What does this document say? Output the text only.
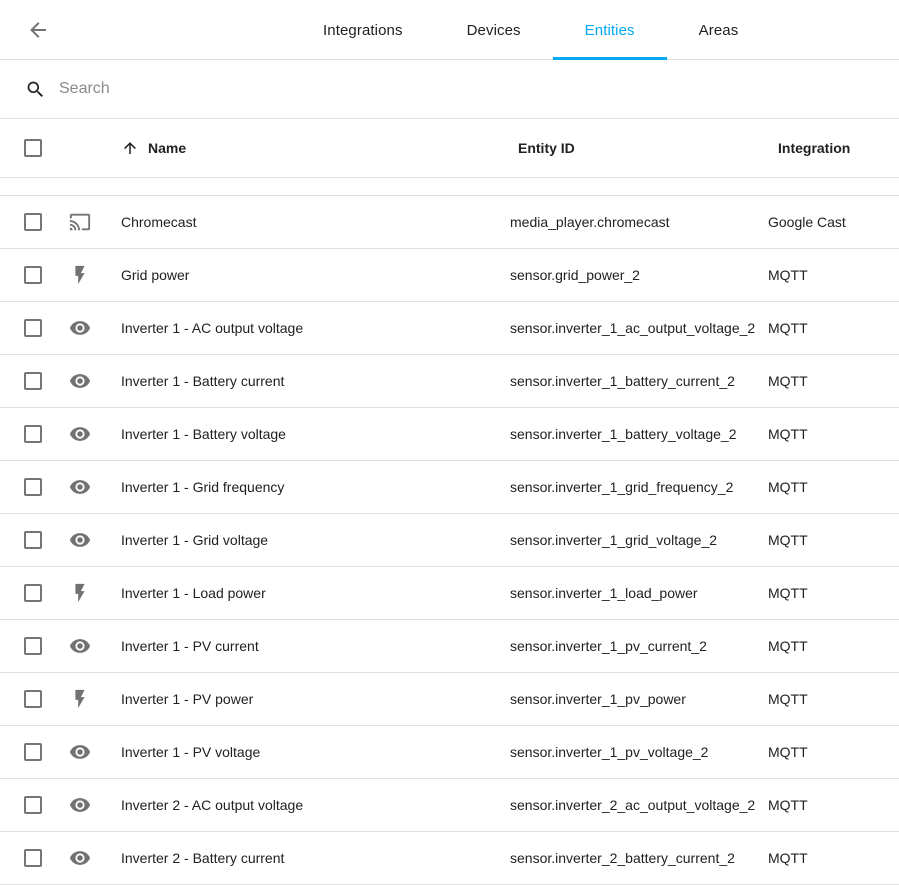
Integrations	Devices	Entities	Areas
Search
Name	Entity ID	Integration
Chromecast	media_player.chromecast	Google Cast
Grid power	sensor.grid_power_2	MQTT
Inverter 1 - AC output voltage	sensor.inverter_1_ac_output_voltage_2 MQTT
Inverter 1 - Battery current	sensor.inverter_1_battery_current_2	MQTT
Inverter 1 - Battery voltage	sensor.inverter_1_battery_voltage_2	MQTT
Inverter 1 - Grid frequency	sensor.inverter_1_grid_frequency_2	MQTT
Inverter 1 - Grid voltage	sensor.inverter_1_grid_voltage_2	MQTT
Inverter 1 - Load power	sensor.inverter_1_load_power	MQTT
Inverter 1 - PV current	sensor.inverter_1_pv_current_2	MQTT
Inverter 1 - PV power	sensor.inverter_1_pv_power	MQTT
Inverter 1 - PV voltage	sensor.inverter_1_pv_voltage_2	MQTT
Inverter 2 - AC output voltage	sensor.inverter_2_ac_output_voltage_2 MQTT
Inverter 2 - Battery current	sensor.inverter_2_battery_current_2	MQTT
